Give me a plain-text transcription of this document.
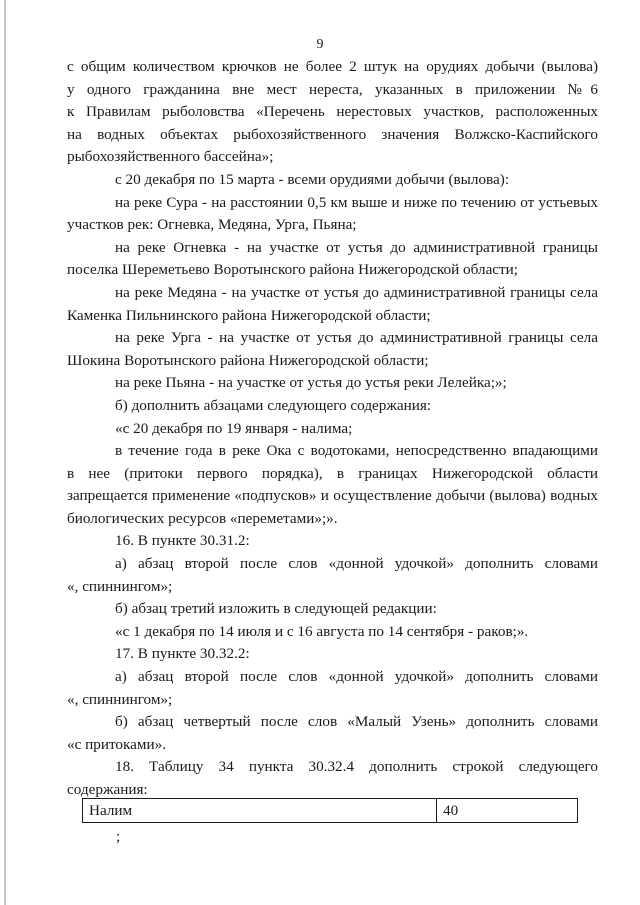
9
с общим количеством крючков не более 2 штук на орудиях добычи (вылова)
у одного гражданина вне мест нереста, указанных в приложении №6
к Правилам рыболовства «Перечень нерестовых участков, расположенных
на водных объектах рыбохозяйственного значения Волжско-Каспийского
рыбохозяйственного бассейна»;
с 20 декабря по 15 марта - всеми орудиями добычи (вылова):
на реке Сура - на расстоянии 0,5 км выше и ниже по течению от устьевых
участков рек: Огневка, Медяна, Урга, Пьяна;
на реке Огневка - на участке от устья до административной границы
поселка Шереметьево Воротынского района Нижегородской области;
на реке Медяна - на участке от устья до административной границы села
Каменка Пильнинского района Нижегородской области;
на реке Урга - на участке от устья до административной границы села
Шокина Воротынского района Нижегородской области;
на реке Пьяна - на участке от устья до устья реки Лелейка;»;
б) дополнить абзацами следующего содержания:
«с 20 декабря по 19 января - налима;
в течение года в реке Ока с водотоками, непосредственно впадающими
в нее (притоки первого порядка), в границах Нижегородской области
запрещается применение «подпусков» и осуществление добычи (вылова) водных
биологических ресурсов «переметами»;».
16. В пункте 30.31.2:
а) абзац второй после слов «донной удочкой» дополнить словами
«, спиннингом»;
б) абзац третий изложить в следующей редакции:
«с 1 декабря по 14 июля и с 16 августа по 14 сентября - раков;».
17. В пункте 30.32.2:
а) абзац второй после слов «донной удочкой» дополнить словами
«, спиннингом»;
б) абзац четвертый после слов «Малый Узень» дополнить словами
«с притоками».
18. Таблицу 34 пункта 30.32.4 дополнить строкой следующего
содержания:
Налим	40
;
